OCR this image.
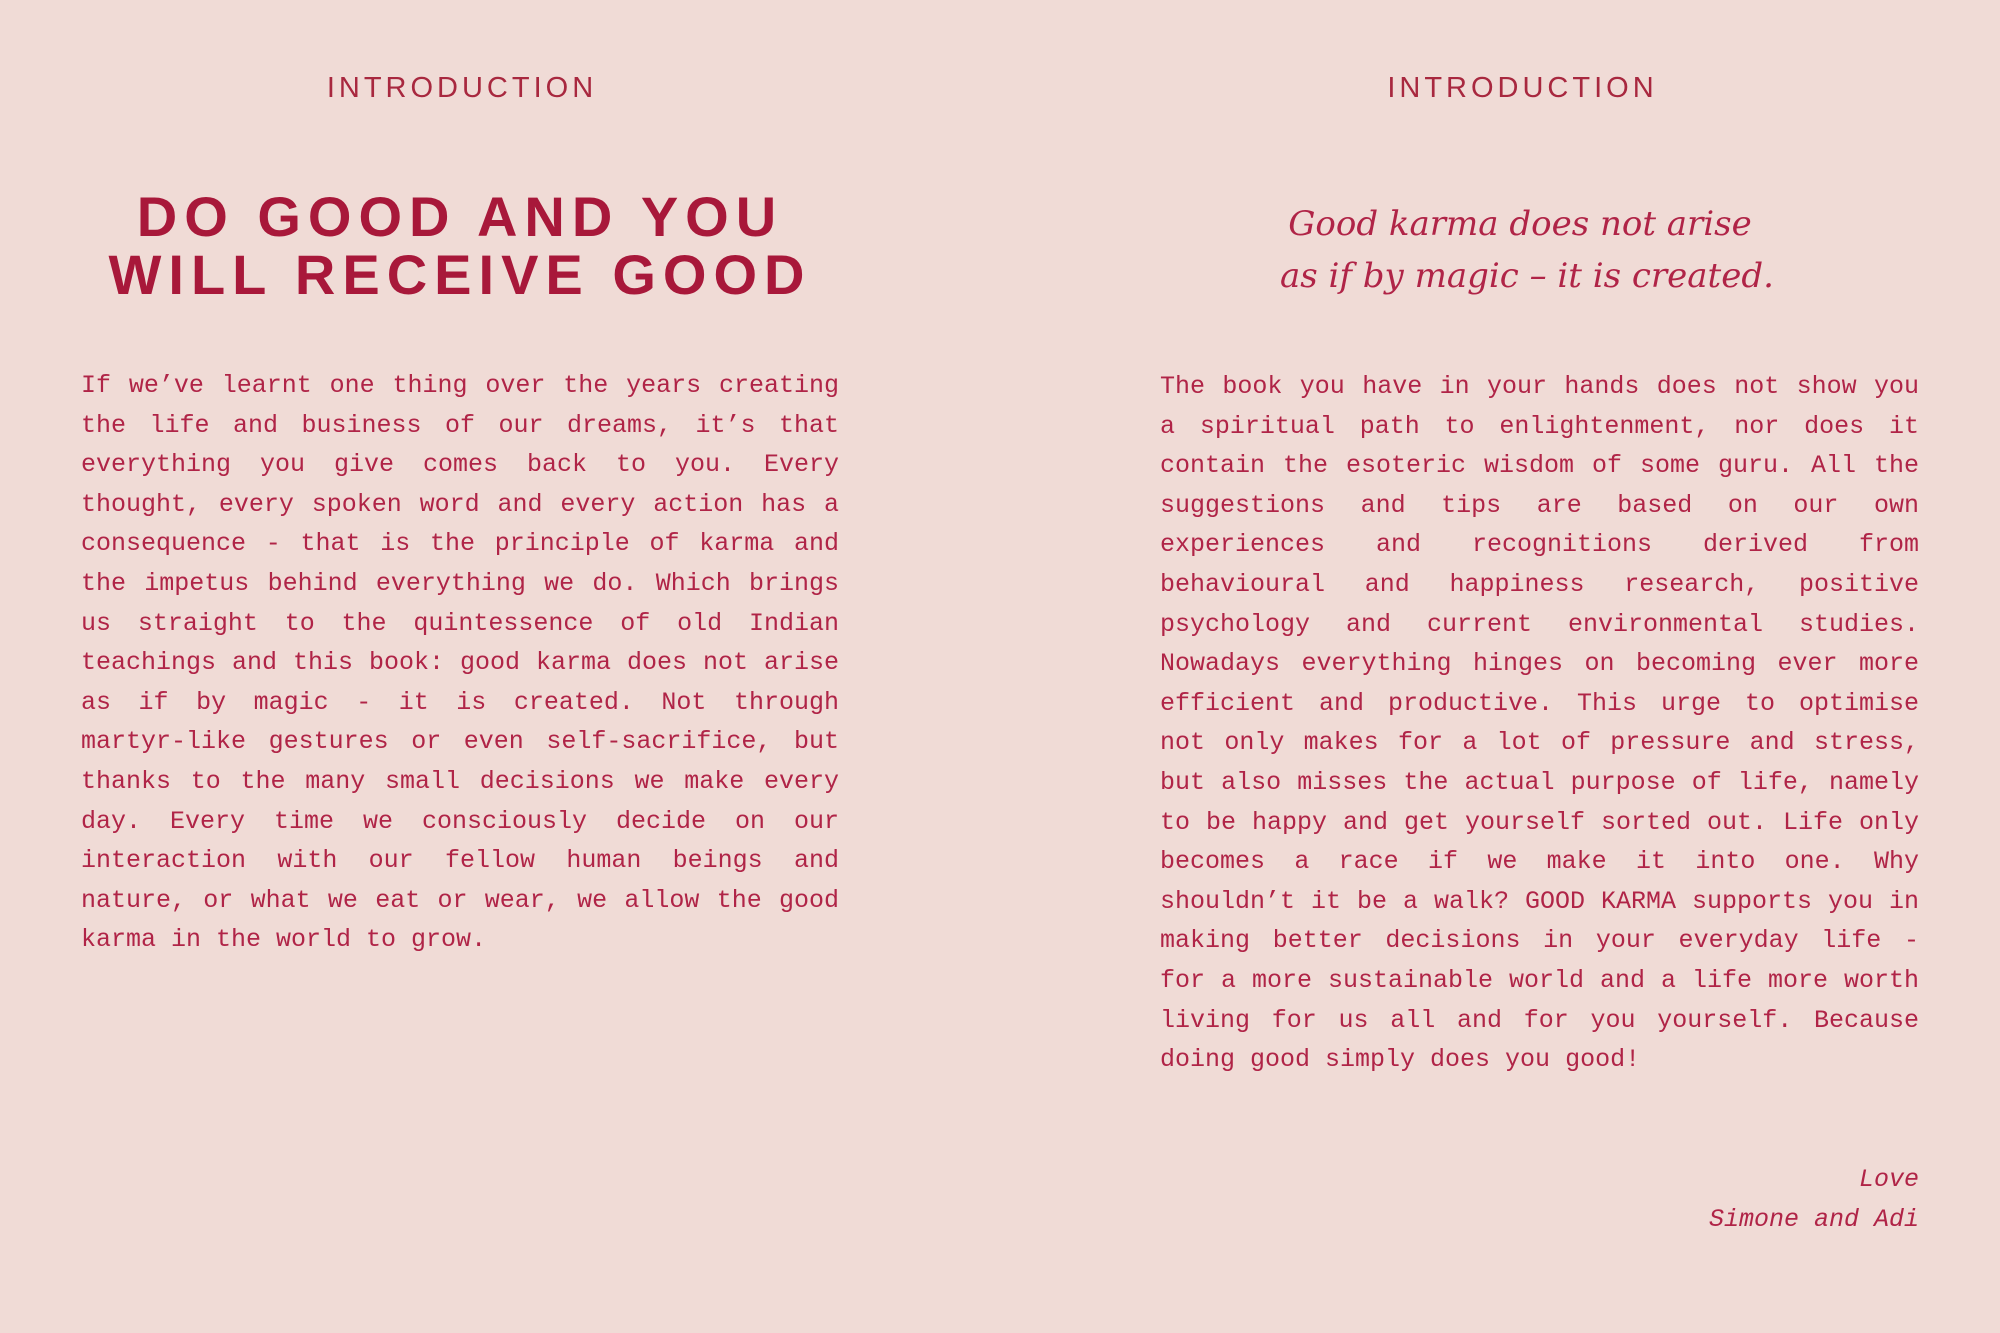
INTRODUCTION
DO GOOD AND YOU
WILL RECEIVE GOOD

If we’ve learnt one thing over the years creating the life and business of our dreams, it’s that everything you give comes back to you. Every thought, every spoken word and every action has a consequence - that is the principle of karma and the impetus behind everything we do. Which brings us straight to the quintessence of old Indian teachings and this book: good karma does not arise as if by magic - it is created. Not through martyr-like gestures or even self-sacrifice, but thanks to the many small decisions we make every day. Every time we consciously decide on our interaction with our fellow human beings and nature, or what we eat or wear, we allow the good karma in the world to grow.

INTRODUCTION
Good karma does not arise
as if by magic – it is created.

The book you have in your hands does not show you a spiritual path to enlightenment, nor does it contain the esoteric wisdom of some guru. All the suggestions and tips are based on our own experiences and recognitions derived from behavioural and happiness research, positive psychology and current environmental studies. Nowadays everything hinges on becoming ever more efficient and productive. This urge to optimise not only makes for a lot of pressure and stress, but also misses the actual purpose of life, namely to be happy and get yourself sorted out. Life only becomes a race if we make it into one. Why shouldn’t it be a walk? GOOD KARMA supports you in making better decisions in your everyday life - for a more sustainable world and a life more worth living for us all and for you yourself. Because doing good simply does you good!

Love
Simone and Adi
